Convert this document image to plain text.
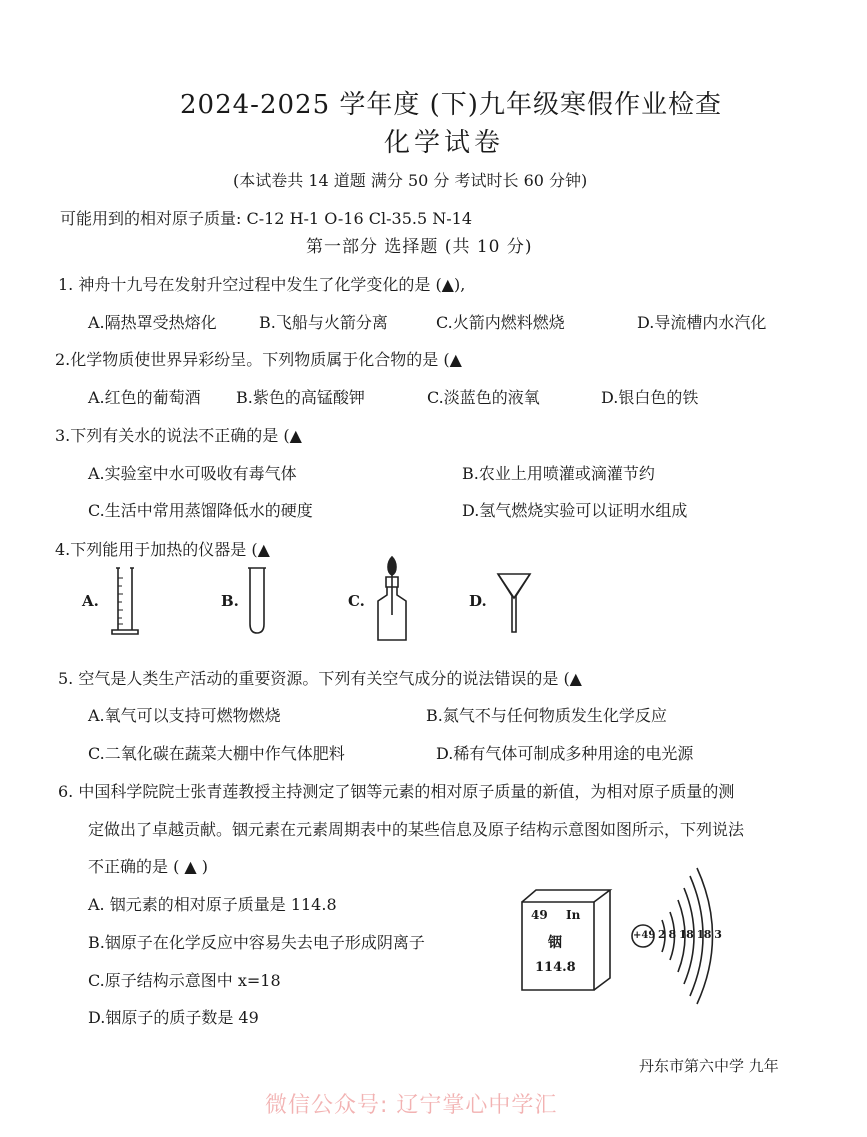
2024-2025 学年度 (下)九年级寒假作业检查
化学试卷
(本试卷共 14 道题 满分 50 分 考试时长 60 分钟)
可能用到的相对原子质量: C-12 H-1 O-16 Cl-35.5 N-14
第一部分 选择题 (共 10 分)
1. 神舟十九号在发射升空过程中发生了化学变化的是 (▲),
A.隔热罩受热熔化	B.飞船与火箭分离	C.火箭内燃料燃烧	D.导流槽内水汽化
2.化学物质使世界异彩纷呈。下列物质属于化合物的是 (▲
A.红色的葡萄酒 B.紫色的高锰酸钾	C.淡蓝色的液氧	D.银白色的铁
3.下列有关水的说法不正确的是 (▲
A.实验室中水可吸收有毒气体	B.农业上用喷灌或滴灌节约
C.生活中常用蒸馏降低水的硬度	D.氢气燃烧实验可以证明水组成
4.下列能用于加热的仪器是 (▲
A.	B.	C.	D.
5. 空气是人类生产活动的重要资源。下列有关空气成分的说法错误的是 (▲
A.氧气可以支持可燃物燃烧	B.氮气不与任何物质发生化学反应
C.二氧化碳在蔬菜大棚中作气体肥料	D.稀有气体可制成多种用途的电光源
6. 中国科学院院士张青莲教授主持测定了铟等元素的相对原子质量的新值，为相对原子质量的测
定做出了卓越贡献。铟元素在元素周期表中的某些信息及原子结构示意图如图所示，下列说法
不正确的是 ( ▲ )
A. 铟元素的相对原子质量是 114.8
B.铟原子在化学反应中容易失去电子形成阴离子
C.原子结构示意图中 x=18
D.铟原子的质子数是 49
49 In
铟
114.8
+49 2 8 18 18 3
丹东市第六中学 九年
微信公众号: 辽宁掌心中学汇
